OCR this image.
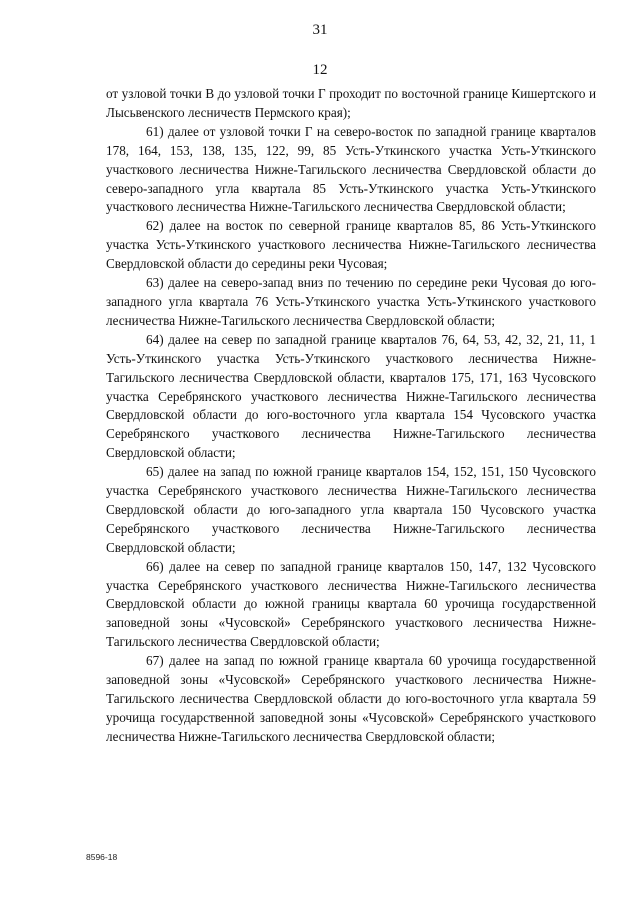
31
12

от узловой точки В до узловой точки Г проходит по восточной границе Кишертского и Лысьвенского лесничеств Пермского края);

61) далее от узловой точки Г на северо-восток по западной границе кварталов 178, 164, 153, 138, 135, 122, 99, 85 Усть-Уткинского участка Усть-Уткинского участкового лесничества Нижне-Тагильского лесничества Свердловской области до северо-западного угла квартала 85 Усть-Уткинского участка Усть-Уткинского участкового лесничества Нижне-Тагильского лесничества Свердловской области;

62) далее на восток по северной границе кварталов 85, 86 Усть-Уткинского участка Усть-Уткинского участкового лесничества Нижне-Тагильского лесничества Свердловской области до середины реки Чусовая;

63) далее на северо-запад вниз по течению по середине реки Чусовая до юго-западного угла квартала 76 Усть-Уткинского участка Усть-Уткинского участкового лесничества Нижне-Тагильского лесничества Свердловской области;

64) далее на север по западной границе кварталов 76, 64, 53, 42, 32, 21, 11, 1 Усть-Уткинского участка Усть-Уткинского участкового лесничества Нижне-Тагильского лесничества Свердловской области, кварталов 175, 171, 163 Чусовского участка Серебрянского участкового лесничества Нижне-Тагильского лесничества Свердловской области до юго-восточного угла квартала 154 Чусовского участка Серебрянского участкового лесничества Нижне-Тагильского лесничества Свердловской области;

65) далее на запад по южной границе кварталов 154, 152, 151, 150 Чусовского участка Серебрянского участкового лесничества Нижне-Тагильского лесничества Свердловской области до юго-западного угла квартала 150 Чусовского участка Серебрянского участкового лесничества Нижне-Тагильского лесничества Свердловской области;

66) далее на север по западной границе кварталов 150, 147, 132 Чусовского участка Серебрянского участкового лесничества Нижне-Тагильского лесничества Свердловской области до южной границы квартала 60 урочища государственной заповедной зоны «Чусовской» Серебрянского участкового лесничества Нижне-Тагильского лесничества Свердловской области;

67) далее на запад по южной границе квартала 60 урочища государственной заповедной зоны «Чусовской» Серебрянского участкового лесничества Нижне-Тагильского лесничества Свердловской области до юго-восточного угла квартала 59 урочища государственной заповедной зоны «Чусовской» Серебрянского участкового лесничества Нижне-Тагильского лесничества Свердловской области;

8596-18
